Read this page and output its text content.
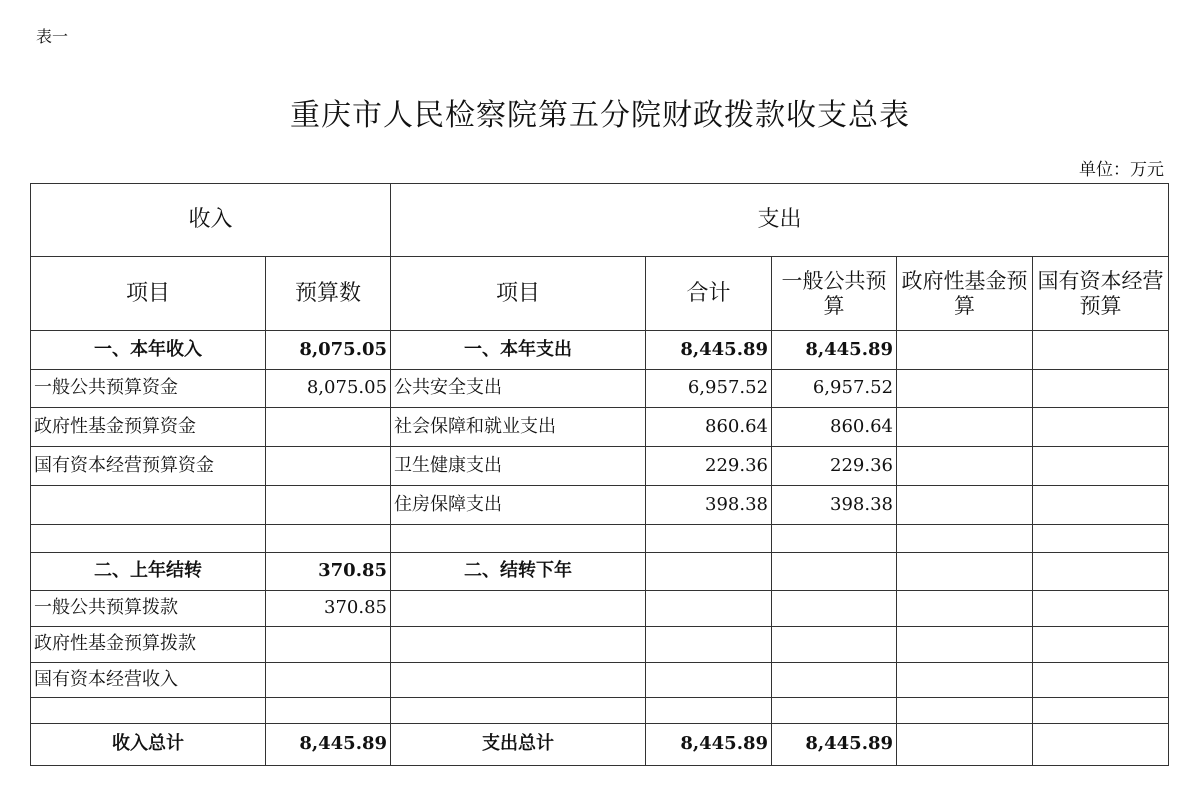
表一
重庆市人民检察院第五分院财政拨款收支总表
单位：万元
收入		支出				
项目	预算数	项目	合计	一般公共预算	政府性基金预算	国有资本经营预算
一、本年收入	8,075.05	一、本年支出	8,445.89	8,445.89		
一般公共预算资金	8,075.05	公共安全支出	6,957.52	6,957.52		
政府性基金预算资金		社会保障和就业支出	860.64	860.64		
国有资本经营预算资金		卫生健康支出	229.36	229.36		
		住房保障支出	398.38	398.38		

二、上年结转	370.85	二、结转下年				
一般公共预算拨款	370.85					
政府性基金预算拨款						
国有资本经营收入						

收入总计	8,445.89	支出总计	8,445.89	8,445.89		
